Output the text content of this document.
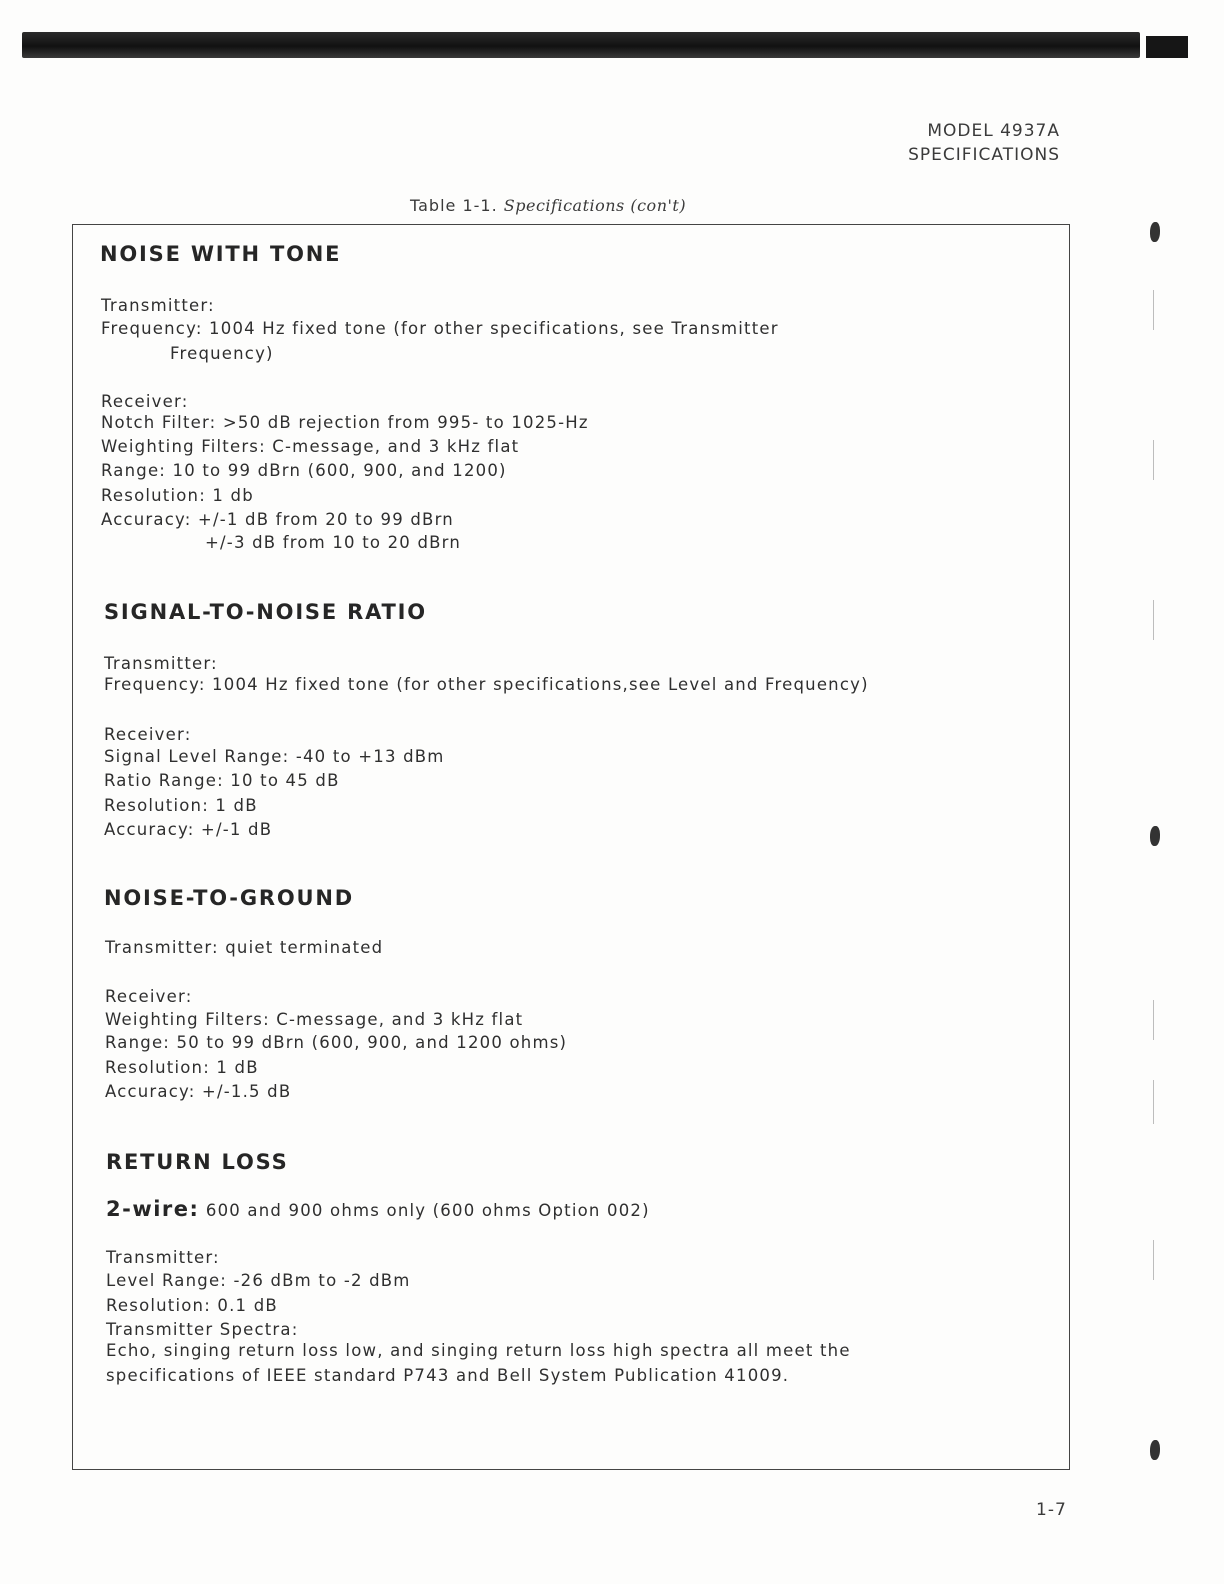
MODEL 4937A
SPECIFICATIONS
Table 1-1. Specifications (con't)
NOISE WITH TONE
Transmitter:
Frequency: 1004 Hz fixed tone (for other specifications, see Transmitter
Frequency)
Receiver:
Notch Filter: >50 dB rejection from 995- to 1025-Hz
Weighting Filters: C-message, and 3 kHz flat
Range: 10 to 99 dBrn (600, 900, and 1200)
Resolution: 1 db
Accuracy: +/-1 dB from 20 to 99 dBrn
+/-3 dB from 10 to 20 dBrn
SIGNAL-TO-NOISE RATIO
Transmitter:
Frequency: 1004 Hz fixed tone (for other specifications,see Level and Frequency)
Receiver:
Signal Level Range: -40 to +13 dBm
Ratio Range: 10 to 45 dB
Resolution: 1 dB
Accuracy: +/-1 dB
NOISE-TO-GROUND
Transmitter: quiet terminated
Receiver:
Weighting Filters: C-message, and 3 kHz flat
Range: 50 to 99 dBrn (600, 900, and 1200 ohms)
Resolution: 1 dB
Accuracy: +/-1.5 dB
RETURN LOSS
2-wire: 600 and 900 ohms only (600 ohms Option 002)
Transmitter:
Level Range: -26 dBm to -2 dBm
Resolution: 0.1 dB
Transmitter Spectra:
Echo, singing return loss low, and singing return loss high spectra all meet the
specifications of IEEE standard P743 and Bell System Publication 41009.
1-7
